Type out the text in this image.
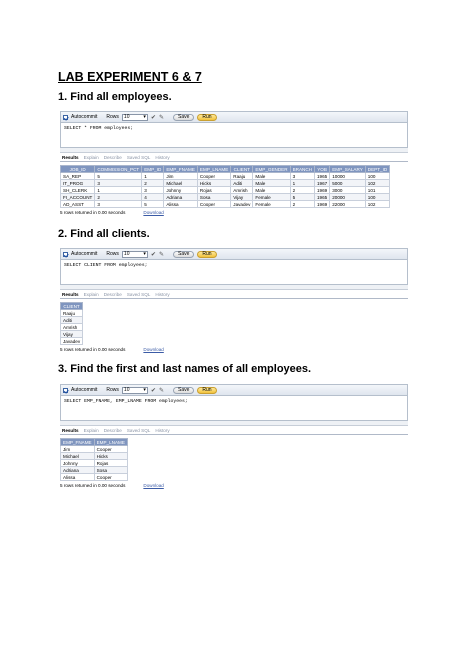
LAB EXPERIMENT 6 & 7
1. Find all employees.
Autocommit Rows 10	▾ ✔ ✎	Save	Run
SELECT * FROM employees;
Results Explain Describe Saved SQL History
JOB_ID	COMMISSION_PCT	EMP_ID	EMP_FNAME	EMP_LNAME	CLIENT	EMP_GENDER	BRANCH	YOB	EMP_SALARY	DEPT_ID
SA_REP	5	1	Jim	Cooper	Raaju	Male	3	1965	10000	100
IT_PROG	3	2	Michael	Hicks	Aditi	Male	1	1967	5000	102
SH_CLERK	1	3	Johnny	Rojas	Amrish	Male	2	1969	3000	101
FI_ACCOUNT	2	4	Adriana	Sosa	Vijay	Female	5	1965	20000	100
AD_ASST	3	5	Alissa	Cooper	Javadev	Female	2	1969	22000	102
5 rows returned in 0.00 seconds	Download
2. Find all clients.
Autocommit Rows 10	▾ ✔ ✎	Save	Run
SELECT CLIENT FROM employees;
Results Explain Describe Saved SQL History
CLIENT
Raaju
Aditi
Amrish
Vijay
Javadev
5 rows returned in 0.00 seconds	Download
3. Find the first and last names of all employees.
Autocommit Rows 10	▾ ✔ ✎	Save	Run
SELECT EMP_FNAME, EMP_LNAME FROM employees;
Results Explain Describe Saved SQL History
EMP_FNAME	EMP_LNAME
Jim	Cooper
Michael	Hicks
Johnny	Rojas
Adriana	Sosa
Alissa	Cooper
5 rows returned in 0.00 seconds	Download
